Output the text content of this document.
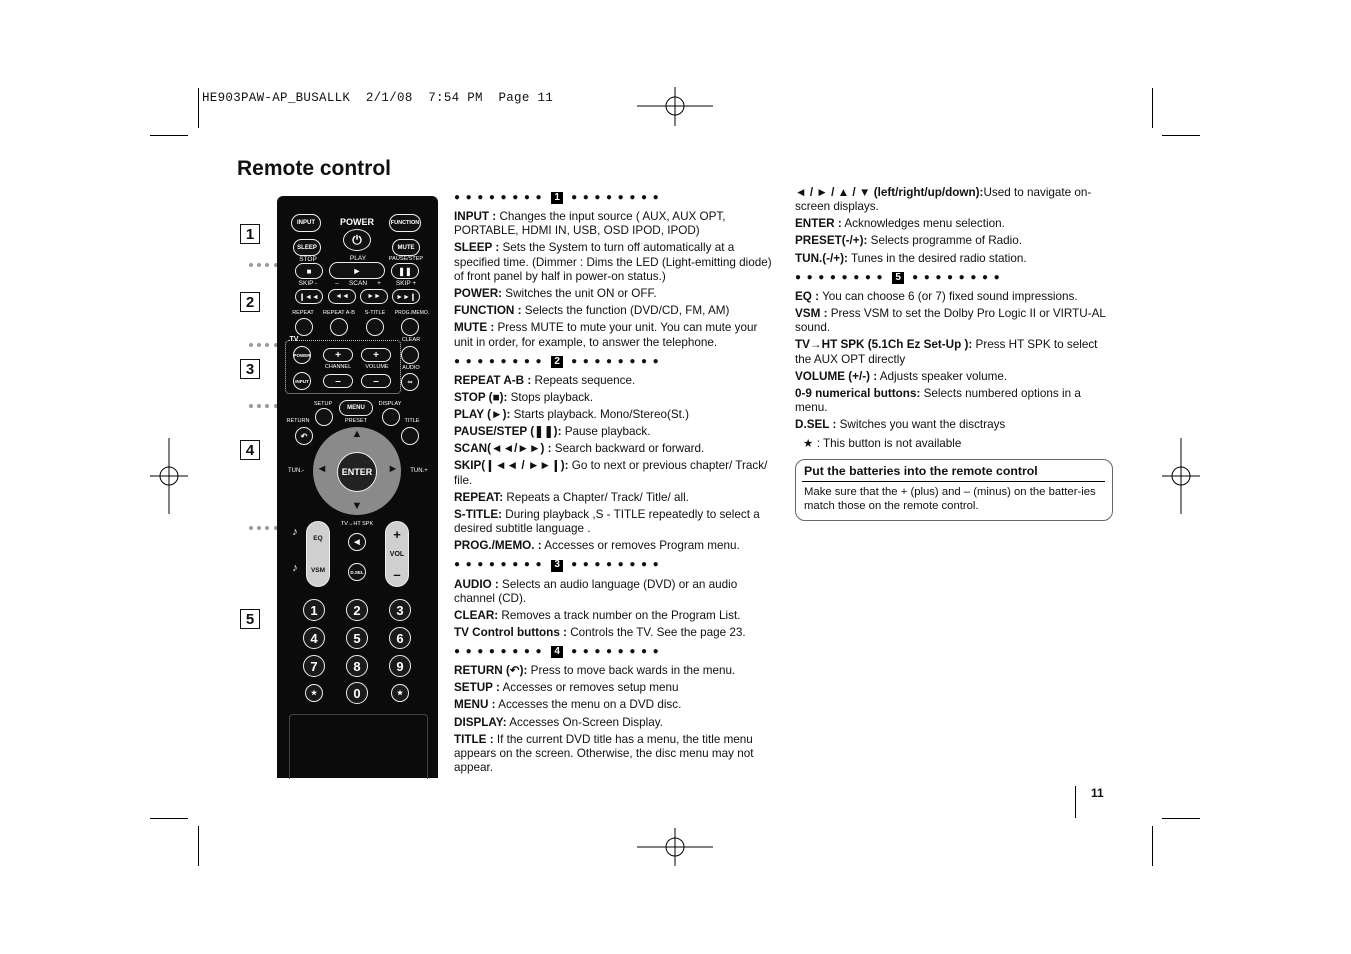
HE903PAW-AP_BUSALLK  2/1/08  7:54 PM  Page 11
Remote control
11
1
2
3
4
5
INPUT	POWER
⏻
FUNCTION
SLEEP	MUTE
STOP	PLAY	PAUSE/STEP
■	►	❚❚
SKIP -	–	SCAN	+	SKIP +
❙◄◄	◄◄	►►	►►❙
REPEAT	REPEAT A-B	S-TITLE	PROG./MEMO.
TV	CLEAR
POWER	+	+
CHANNEL	VOLUME	AUDIO
INPUT	–	–	∞
SETUP
MENU
DISPLAY
RETURN	PRESET	TITLE
↶	▲
▼
◄	►
ENTER
TUN.-	TUN.+
TV→HT SPK
EQ
VSM
♪
♪
◀
D.SEL
+
VOL
–
1	2	3
4	5	6
7	8	9
★	0	★
●●●●●●●● 1	●●●●●●●●

INPUT : Changes the input source ( AUX, AUX OPT, PORTABLE, HDMI IN, USB, OSD IPOD, IPOD)

SLEEP : Sets the System to turn off automatically at a specified time. (Dimmer : Dims the LED (Light-emitting diode) of front panel by half in power-on status.)

POWER: Switches the unit ON or OFF.

FUNCTION : Selects the function (DVD/CD, FM, AM)

MUTE : Press MUTE to mute your unit. You can mute your unit in order, for example, to answer the telephone.

●●●●●●●● 2	●●●●●●●●

REPEAT A-B : Repeats sequence.

STOP (■): Stops playback.

PLAY (►): Starts playback. Mono/Stereo(St.)

PAUSE/STEP (❚❚): Pause playback.

SCAN(◄◄/►►) : Search backward or forward.

SKIP(❙◄◄ / ►►❙): Go to next or previous chapter/ Track/ file.

REPEAT: Repeats a Chapter/ Track/ Title/ all.

S-TITLE: During playback ,S - TITLE repeatedly to select a desired subtitle language .

PROG./MEMO. : Accesses or removes Program menu.

●●●●●●●● 3	●●●●●●●●

AUDIO : Selects an audio language (DVD) or an audio channel (CD).

CLEAR: Removes a track number on the Program List.

TV Control buttons : Controls the TV. See the page 23.

●●●●●●●● 4	●●●●●●●●

RETURN (↶): Press to move back wards in the menu.

SETUP : Accesses or removes setup menu

MENU : Accesses the menu on a DVD disc.

DISPLAY: Accesses On-Screen Display.

TITLE : If the current DVD title has a menu, the title menu appears on the screen. Otherwise, the disc menu may not appear.

◄ / ► / ▲ / ▼ (left/right/up/down):Used to navigate on-screen displays.

ENTER : Acknowledges menu selection.

PRESET(-/+): Selects programme of Radio.

TUN.(-/+): Tunes in the desired radio station.

●●●●●●●● 5	●●●●●●●●

EQ : You can choose 6 (or 7) fixed sound impressions.

VSM : Press VSM to set the Dolby Pro Logic II or VIRTU-AL sound.

TV→HT SPK (5.1Ch Ez Set-Up ): Press HT SPK to select the AUX OPT directly

VOLUME (+/-) : Adjusts speaker volume.

0-9 numerical buttons: Selects numbered options in a menu.

D.SEL : Switches you want the disctrays

★ : This button is not available

Put the batteries into the remote control
Make sure that the + (plus) and – (minus) on the batter-ies match those on the remote control.
